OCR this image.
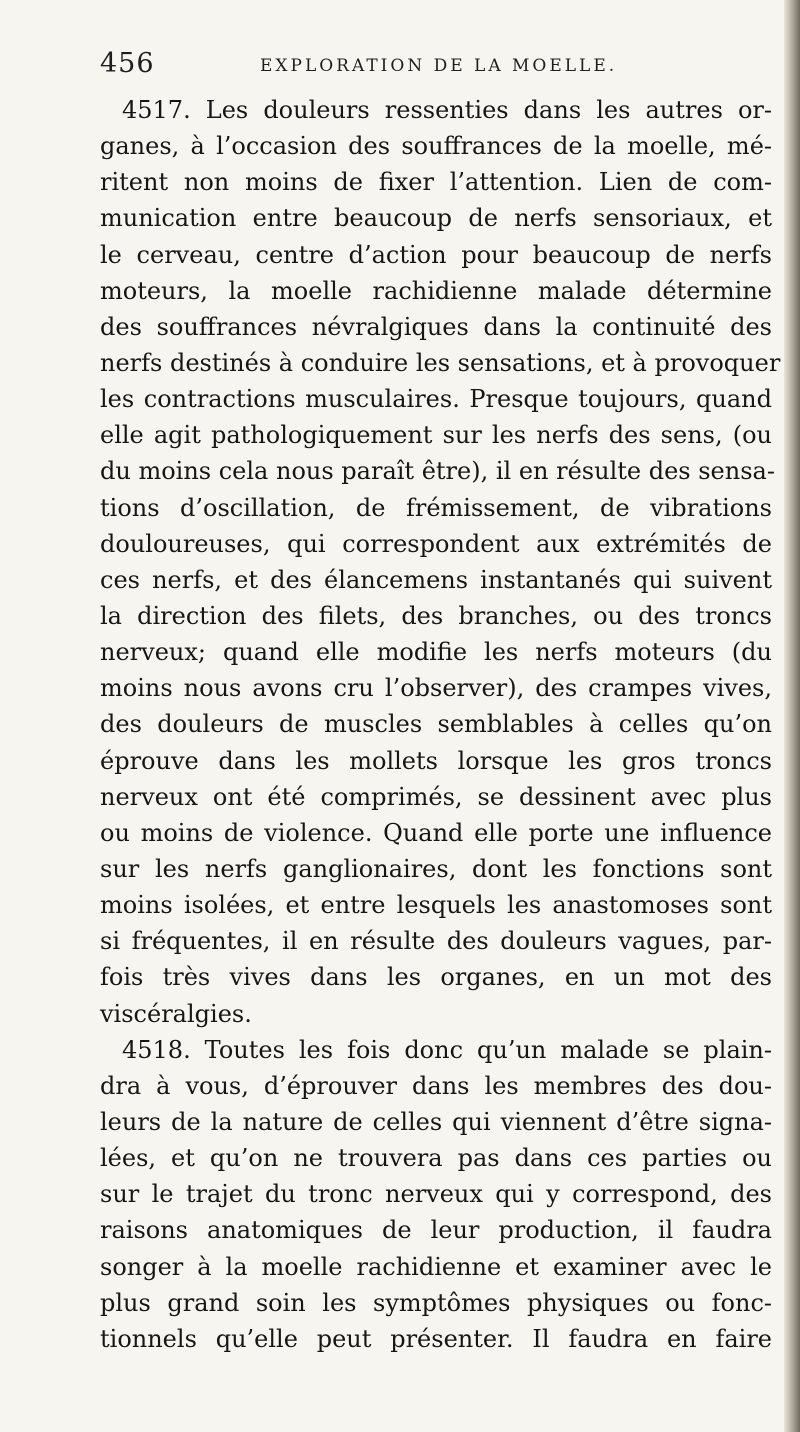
456	EXPLORATION DE LA MOELLE.
4517. Les douleurs ressenties dans les autres or-
ganes, à l’occasion des souffrances de la moelle, mé-
ritent non moins de fixer l’attention. Lien de com-
munication entre beaucoup de nerfs sensoriaux, et
le cerveau, centre d’action pour beaucoup de nerfs
moteurs, la moelle rachidienne malade détermine
des souffrances névralgiques dans la continuité des
nerfs destinés à conduire les sensations, et à provoquer
les contractions musculaires. Presque toujours, quand
elle agit pathologiquement sur les nerfs des sens, (ou
du moins cela nous paraît être), il en résulte des sensa-
tions d’oscillation, de frémissement, de vibrations
douloureuses, qui correspondent aux extrémités de
ces nerfs, et des élancemens instantanés qui suivent
la direction des filets, des branches, ou des troncs
nerveux; quand elle modifie les nerfs moteurs (du
moins nous avons cru l’observer), des crampes vives,
des douleurs de muscles semblables à celles qu’on
éprouve dans les mollets lorsque les gros troncs
nerveux ont été comprimés, se dessinent avec plus
ou moins de violence. Quand elle porte une influence
sur les nerfs ganglionaires, dont les fonctions sont
moins isolées, et entre lesquels les anastomoses sont
si fréquentes, il en résulte des douleurs vagues, par-
fois très vives dans les organes, en un mot des
viscéralgies.
4518. Toutes les fois donc qu’un malade se plain-
dra à vous, d’éprouver dans les membres des dou-
leurs de la nature de celles qui viennent d’être signa-
lées, et qu’on ne trouvera pas dans ces parties ou
sur le trajet du tronc nerveux qui y correspond, des
raisons anatomiques de leur production, il faudra
songer à la moelle rachidienne et examiner avec le
plus grand soin les symptômes physiques ou fonc-
tionnels qu’elle peut présenter. Il faudra en faire
